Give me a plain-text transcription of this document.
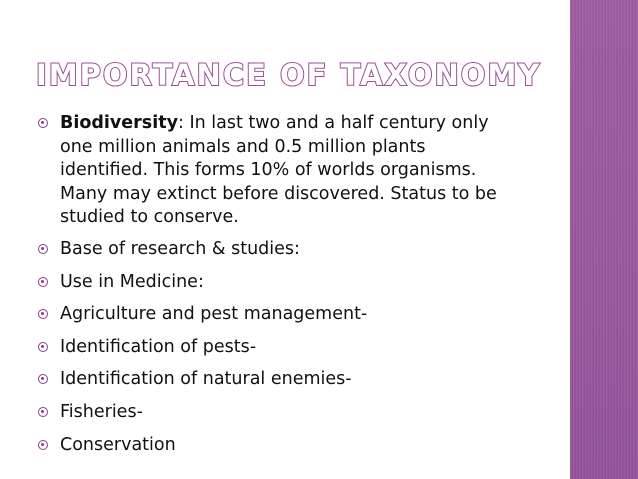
IMPORTANCE OF TAXONOMY
Biodiversity: In last two and a half century only
one million animals and 0.5 million plants
identified. This forms 10% of worlds organisms.
Many may extinct before discovered. Status to be
studied to conserve.
Base of research & studies:
Use in Medicine:
Agriculture and pest management-
Identification of pests-
Identification of natural enemies-
Fisheries-
Conservation
